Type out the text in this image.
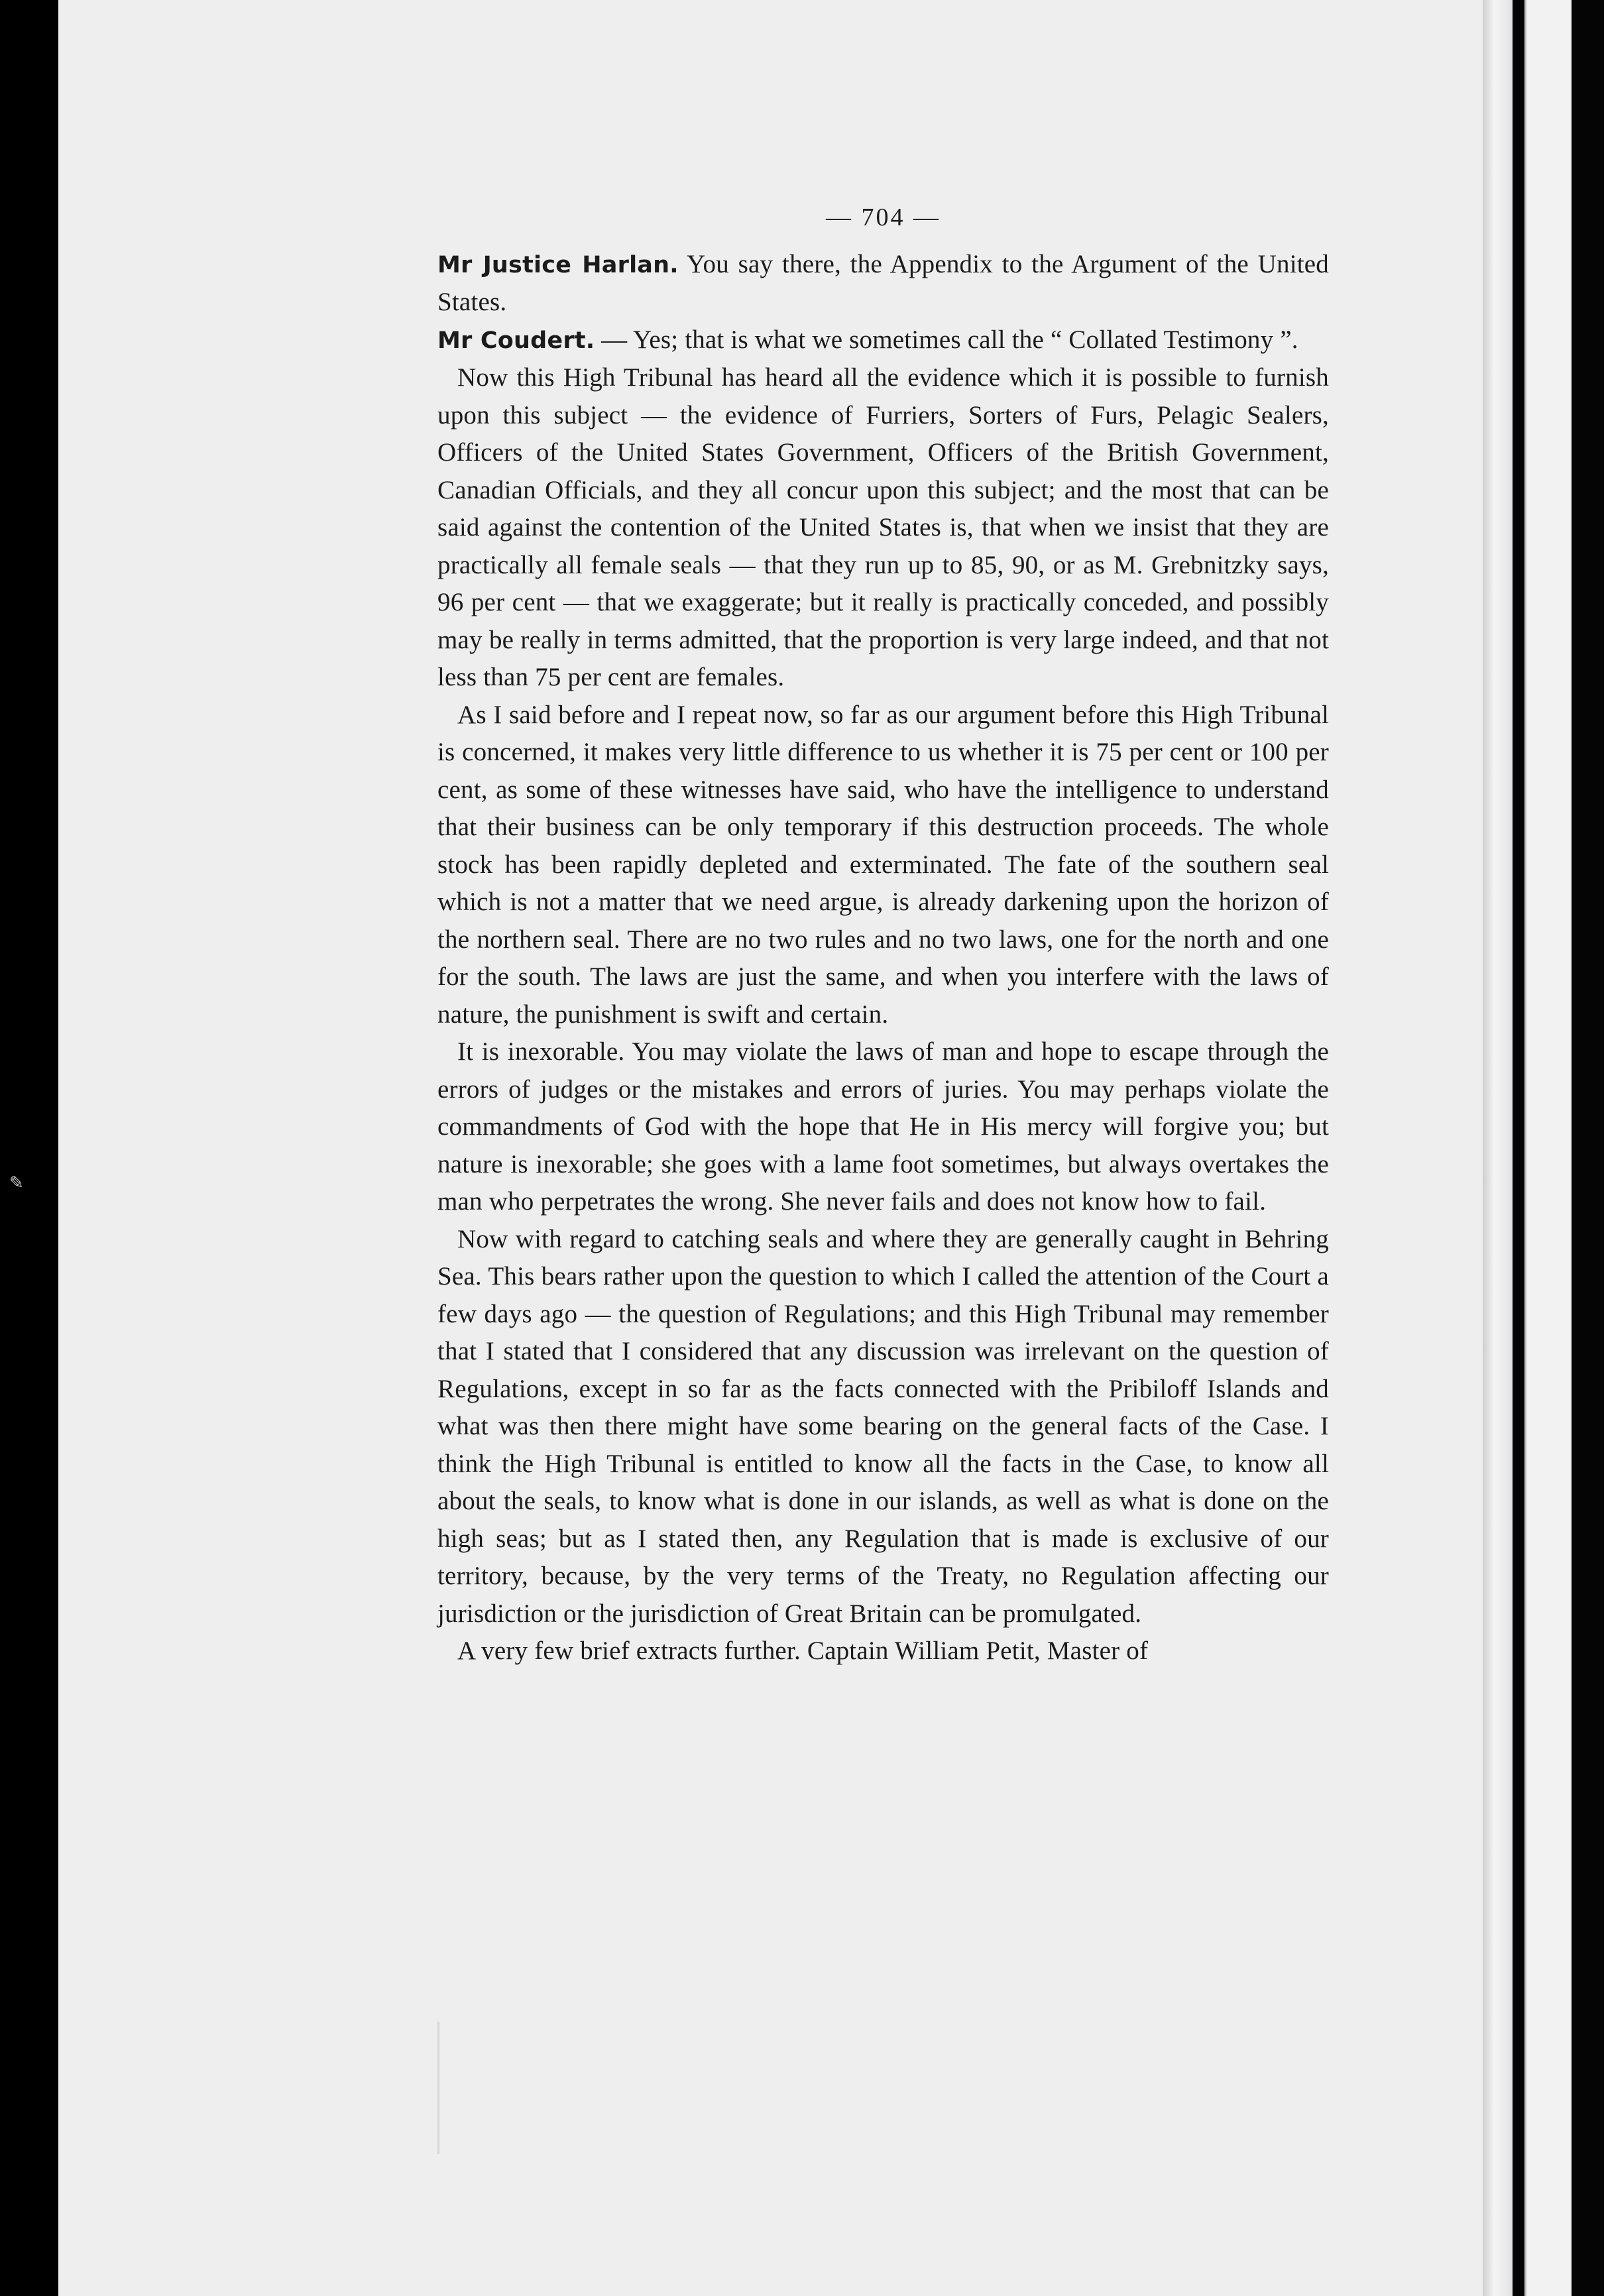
✎
— 704 —

Mr Justice Harlan. You say there, the Appendix to the Argument of the United States.

Mr Coudert. — Yes; that is what we sometimes call the “ Collated Testimony ”.

Now this High Tribunal has heard all the evidence which it is possible to furnish upon this subject — the evidence of Furriers, Sorters of Furs, Pelagic Sealers, Officers of the United States Government, Officers of the British Government, Canadian Officials, and they all concur upon this subject; and the most that can be said against the contention of the United States is, that when we insist that they are practically all female seals — that they run up to 85, 90, or as M. Grebnitzky says, 96 per cent — that we exaggerate; but it really is practically conceded, and possibly may be really in terms admitted, that the proportion is very large indeed, and that not less than 75 per cent are females.

As I said before and I repeat now, so far as our argument before this High Tribunal is concerned, it makes very little difference to us whether it is 75 per cent or 100 per cent, as some of these witnesses have said, who have the intelligence to understand that their business can be only temporary if this destruction proceeds. The whole stock has been rapidly depleted and exterminated. The fate of the southern seal which is not a matter that we need argue, is already darkening upon the horizon of the northern seal. There are no two rules and no two laws, one for the north and one for the south. The laws are just the same, and when you interfere with the laws of nature, the punishment is swift and certain.

It is inexorable. You may violate the laws of man and hope to escape through the errors of judges or the mistakes and errors of juries. You may perhaps violate the commandments of God with the hope that He in His mercy will forgive you; but nature is inexorable; she goes with a lame foot sometimes, but always overtakes the man who perpetrates the wrong. She never fails and does not know how to fail.

Now with regard to catching seals and where they are generally caught in Behring Sea. This bears rather upon the question to which I called the attention of the Court a few days ago — the question of Regulations; and this High Tribunal may remember that I stated that I considered that any discussion was irrelevant on the question of Regulations, except in so far as the facts connected with the Pribiloff Islands and what was then there might have some bearing on the general facts of the Case. I think the High Tribunal is entitled to know all the facts in the Case, to know all about the seals, to know what is done in our islands, as well as what is done on the high seas; but as I stated then, any Regulation that is made is exclusive of our territory, because, by the very terms of the Treaty, no Regulation affecting our jurisdiction or the jurisdiction of Great Britain can be promulgated.

A very few brief extracts further. Captain William Petit, Master of
